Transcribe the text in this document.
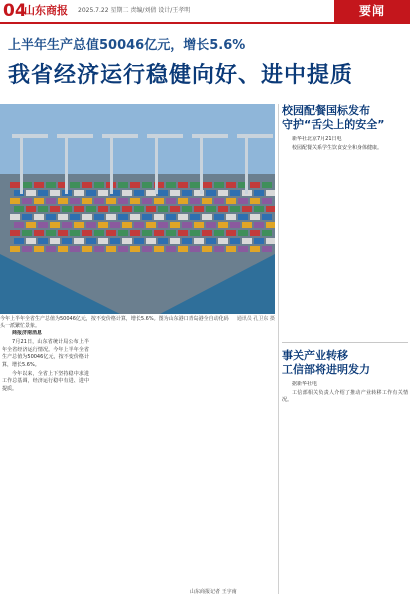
04
山东商报 2025.7.22 星期二 责编/刘倩 设计/王孝明	要闻
上半年生产总值50046亿元，增长5.6%
我省经济运行稳健向好、进中提质
通讯员 孔卫东 摄
今年上半年全省生产总值为50046亿元，按不变价格计算，增长5.6%。图为山东港口青岛港全自动化码头一派繁忙景象。

商报济南消息

7月21日，山东省统计局公布上半年全省经济运行情况。今年上半年全省生产总值为50046亿元，按不变价格计算，增长5.6%。

今年以来，全省上下坚持稳中求进工作总基调，经济运行稳中有进、进中提质。

山东商报记者 王宇南
校园配餐国标发布
守护“舌尖上的安全”

新华社北京7月21日电

校园配餐关系学生饮食安全和身体健康。

事关产业转移
工信部将进明发力

据新华社电

工信部相关负责人介绍了推动产业转移工作有关情况。
